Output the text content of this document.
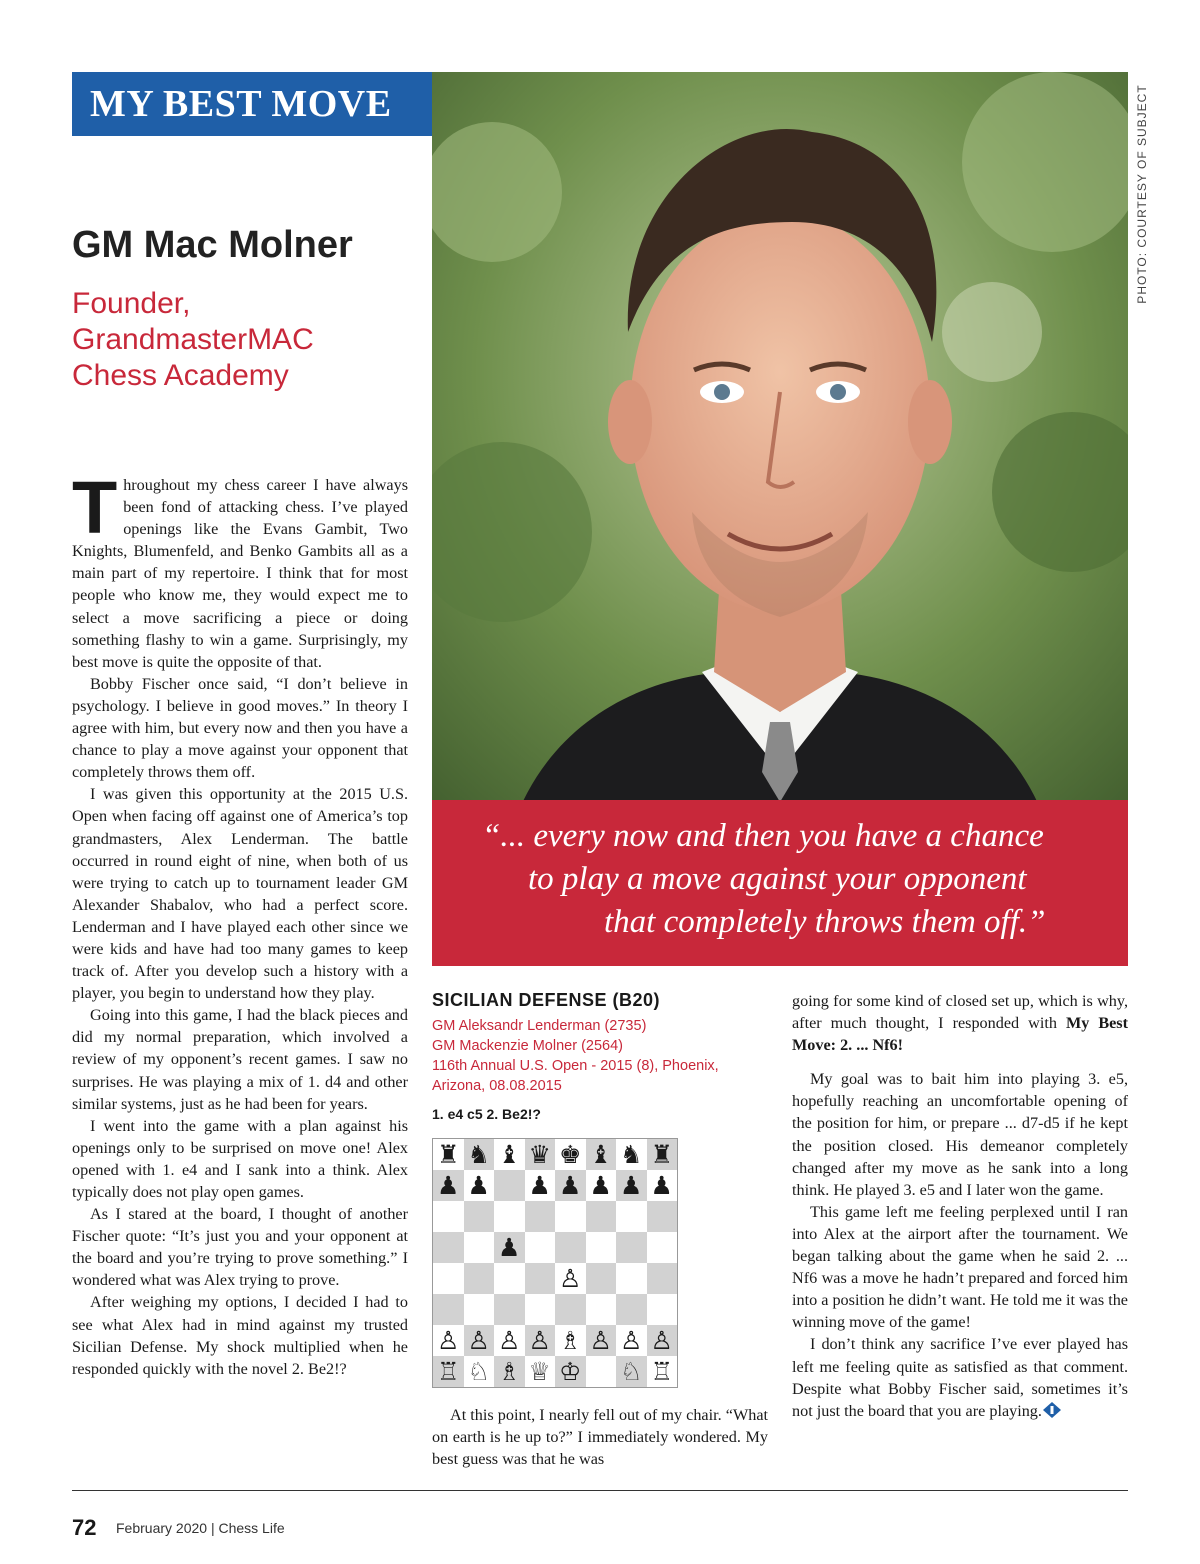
MY BEST MOVE
GM Mac Molner
Founder,
GrandmasterMAC
Chess Academy
PHOTO: COURTESY OF SUBJECT
“... every now and then you have a chance
to play a move against your opponent
that completely throws them off.”

Throughout my chess career I have always been fond of attacking chess. I’ve played openings like the Evans Gambit, Two Knights, Blumenfeld, and Benko Gambits all as a main part of my repertoire. I think that for most people who know me, they would expect me to select a move sacrificing a piece or doing something flashy to win a game. Surprisingly, my best move is quite the opposite of that.

Bobby Fischer once said, “I don’t believe in psychology. I believe in good moves.” In theory I agree with him, but every now and then you have a chance to play a move against your opponent that completely throws them off.

I was given this opportunity at the 2015 U.S. Open when facing off against one of America’s top grandmasters, Alex Lenderman. The battle occurred in round eight of nine, when both of us were trying to catch up to tournament leader GM Alexander Shabalov, who had a perfect score. Lenderman and I have played each other since we were kids and have had too many games to keep track of. After you develop such a history with a player, you begin to understand how they play.

Going into this game, I had the black pieces and did my normal preparation, which involved a review of my opponent’s recent games. I saw no surprises. He was playing a mix of 1. d4 and other similar systems, just as he had been for years.

I went into the game with a plan against his openings only to be surprised on move one! Alex opened with 1. e4 and I sank into a think. Alex typically does not play open games.

As I stared at the board, I thought of another Fischer quote: “It’s just you and your opponent at the board and you’re trying to prove something.” I wondered what was Alex trying to prove.

After weighing my options, I decided I had to see what Alex had in mind against my trusted Sicilian Defense. My shock multiplied when he responded quickly with the novel 2. Be2!?

SICILIAN DEFENSE (B20)
GM Aleksandr Lenderman (2735)
GM Mackenzie Molner (2564)
116th Annual U.S. Open - 2015 (8), Phoenix,
Arizona, 08.08.2015
1. e4 c5 2. Be2!?
♜ ♞ ♝ ♛ ♚ ♝ ♞ ♜
♟ ♟ ♟ ♟ ♟ ♟ ♟
♟
♙
♙ ♙ ♙ ♙ ♗ ♙ ♙ ♙
♖ ♘ ♗ ♕ ♔ ♘ ♖

At this point, I nearly fell out of my chair. “What on earth is he up to?” I immediately wondered. My best guess was that he was

going for some kind of closed set up, which is why, after much thought, I responded with My Best Move: 2. ... Nf6!

My goal was to bait him into playing 3. e5, hopefully reaching an uncomfortable opening of the position for him, or prepare ... d7-d5 if he kept the position closed. His demeanor completely changed after my move as he sank into a long think. He played 3. e5 and I later won the game.

This game left me feeling perplexed until I ran into Alex at the airport after the tournament. We began talking about the game when he said 2. ... Nf6 was a move he hadn’t prepared and forced him into a position he didn’t want. He told me it was the winning move of the game!

I don’t think any sacrifice I’ve ever played has left me feeling quite as satisfied as that comment. Despite what Bobby Fischer said, sometimes it’s not just the board that you are playing.

72 February 2020 | Chess Life
